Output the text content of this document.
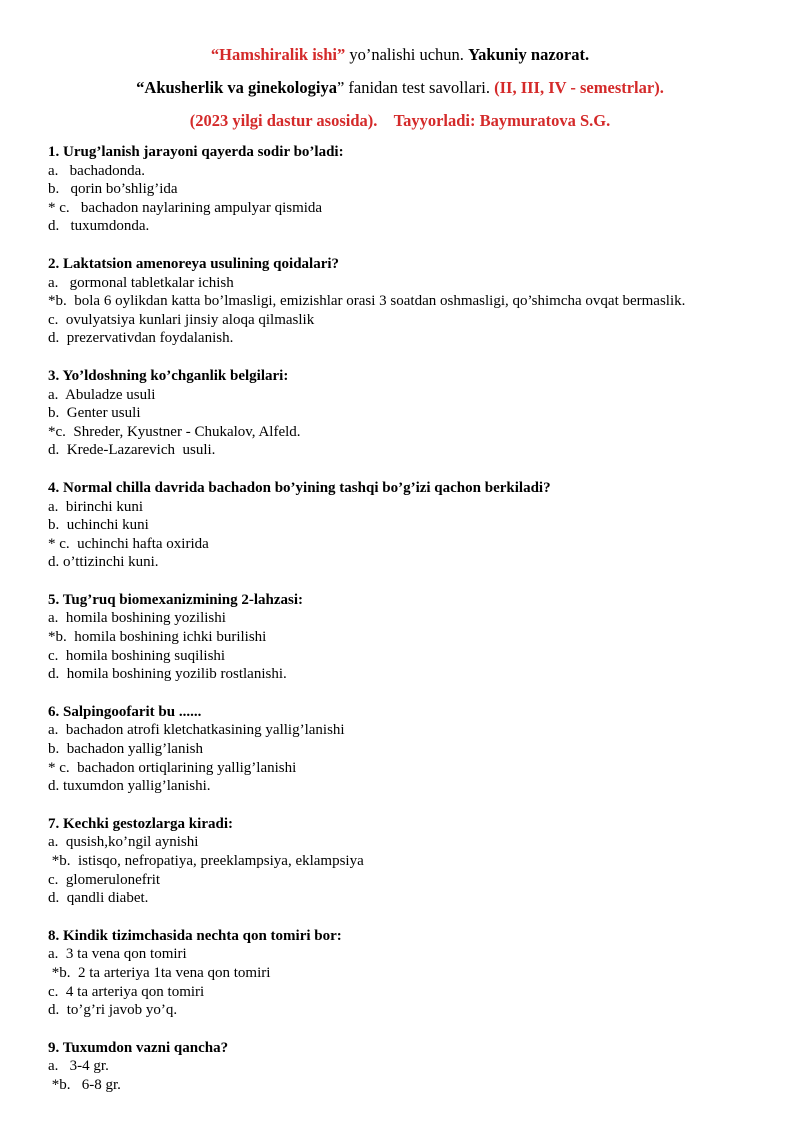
“Hamshiralik ishi” yo’nalishi uchun. Yakuniy nazorat.
“Akusherlik va ginekologiya” fanidan test savollari. (II, III, IV - semestrlar).
(2023 yilgi dastur asosida).    Tayyorladi: Baymuratova S.G.
1. Urug’lanish jarayoni qayerda sodir bo’ladi:
a.   bachadonda.
b.   qorin bo’shlig’ida
* c.   bachadon naylarining ampulyar qismida
d.   tuxumdonda.
2. Laktatsion amenoreya usulining qoidalari?
a.   gormonal tabletkalar ichish
*b.  bola 6 oylikdan katta bo’lmasligi, emizishlar orasi 3 soatdan oshmasligi, qo’shimcha ovqat bermaslik.
c.  ovulyatsiya kunlari jinsiy aloqa qilmaslik
d.  prezervativdan foydalanish.
3. Yo’ldoshning ko’chganlik belgilari:
a.  Abuladze usuli
b.  Genter usuli
*c.  Shreder, Kyustner - Chukalov, Alfeld.
d.  Krede-Lazarevich  usuli.
4. Normal chilla davrida bachadon bo’yining tashqi bo’g’izi qachon berkiladi?
a.  birinchi kuni
b.  uchinchi kuni
* c.  uchinchi hafta oxirida
d. o’ttizinchi kuni.
5. Tug’ruq biomexanizmining 2-lahzasi:
a.  homila boshining yozilishi
*b.  homila boshining ichki burilishi
c.  homila boshining suqilishi
d.  homila boshining yozilib rostlanishi.
6. Salpingoofarit bu ......
a.  bachadon atrofi kletchatkasining yallig’lanishi
b.  bachadon yallig’lanish
* c.  bachadon ortiqlarining yallig’lanishi
d. tuxumdon yallig’lanishi.
7. Kechki gestozlarga kiradi:
a.  qusish,ko’ngil aynishi
*b.  istisqo, nefropatiya, preeklampsiya, eklampsiya
c.  glomerulonefrit
d.  qandli diabet.
8. Kindik tizimchasida nechta qon tomiri bor:
a.  3 ta vena qon tomiri
*b.  2 ta arteriya 1ta vena qon tomiri
c.  4 ta arteriya qon tomiri
d.  to’g’ri javob yo’q.
9. Tuxumdon vazni qancha?
a.   3-4 gr.
*b.   6-8 gr.
